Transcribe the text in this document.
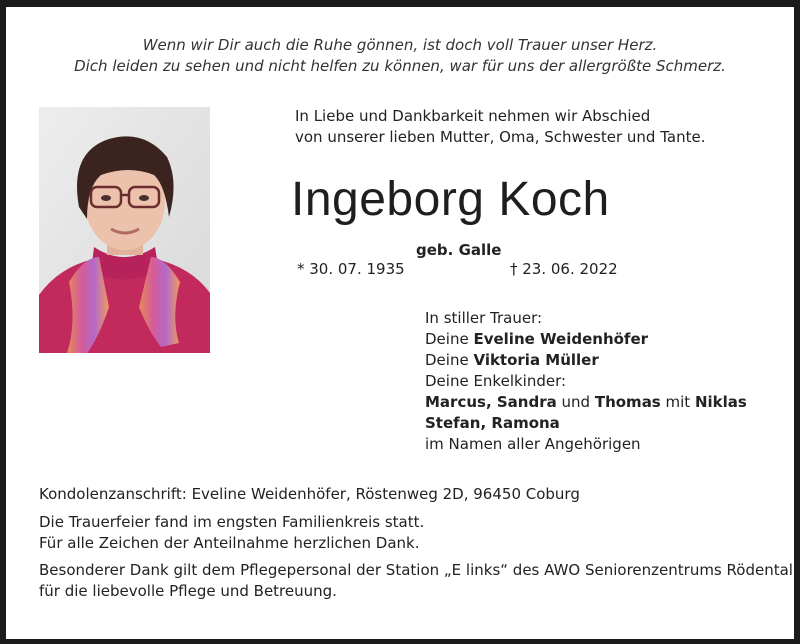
Wenn wir Dir auch die Ruhe gönnen, ist doch voll Trauer unser Herz.
Dich leiden zu sehen und nicht helfen zu können, war für uns der allergrößte Schmerz.
In Liebe und Dankbarkeit nehmen wir Abschied
von unserer lieben Mutter, Oma, Schwester und Tante.
Ingeborg Koch
geb. Galle
* 30. 07. 1935	† 23. 06. 2022
In stiller Trauer:
Deine Eveline Weidenhöfer
Deine Viktoria Müller
Deine Enkelkinder:
Marcus, Sandra und Thomas mit Niklas
Stefan, Ramona
im Namen aller Angehörigen
Kondolenzanschrift: Eveline Weidenhöfer, Röstenweg 2D, 96450 Coburg
Die Trauerfeier fand im engsten Familienkreis statt.
Für alle Zeichen der Anteilnahme herzlichen Dank.
Besonderer Dank gilt dem Pflegepersonal der Station „E links“ des AWO Seniorenzentrums Rödental
für die liebevolle Pflege und Betreuung.
